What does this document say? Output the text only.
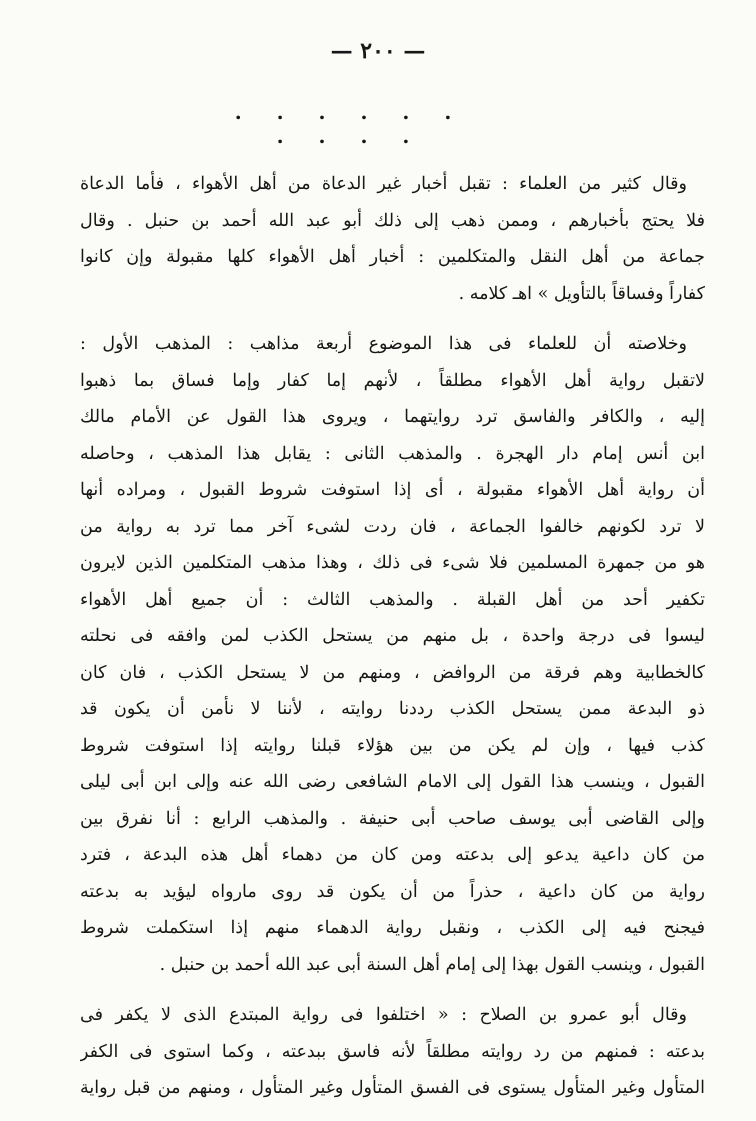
— ٢٠٠ —
. . . . . . . . . .
وقال كثير من العلماء : تقبل أخبار غير الدعاة من أهل الأهواء ، فأما الدعاة
فلا يحتج بأخبارهم ، وممن ذهب إلى ذلك أبو عبد الله أحمد بن حنبل . وقال
جماعة من أهل النقل والمتكلمين : أخبار أهل الأهواء كلها مقبولة وإن كانوا
كفاراً وفساقاً بالتأويل » اهـ كلامه .
وخلاصته أن للعلماء فى هذا الموضوع أربعة مذاهب : المذهب الأول :
لاتقبل رواية أهل الأهواء مطلقاً ، لأنهم إما كفار وإما فساق بما ذهبوا
إليه ، والكافر والفاسق ترد روايتهما ، ويروى هذا القول عن الأمام مالك
ابن أنس إمام دار الهجرة . والمذهب الثانى : يقابل هذا المذهب ، وحاصله
أن رواية أهل الأهواء مقبولة ، أى إذا استوفت شروط القبول ، ومراده أنها
لا ترد لكونهم خالفوا الجماعة ، فان ردت لشىء آخر مما ترد به رواية من
هو من جمهرة المسلمين فلا شىء فى ذلك ، وهذا مذهب المتكلمين الذين لايرون
تكفير أحد من أهل القبلة . والمذهب الثالث : أن جميع أهل الأهواء
ليسوا فى درجة واحدة ، بل منهم من يستحل الكذب لمن وافقه فى نحلته
كالخطابية وهم فرقة من الروافض ، ومنهم من لا يستحل الكذب ، فان كان
ذو البدعة ممن يستحل الكذب رددنا روايته ، لأننا لا نأمن أن يكون قد
كذب فيها ، وإن لم يكن من بين هؤلاء قبلنا روايته إذا استوفت شروط
القبول ، وينسب هذا القول إلى الامام الشافعى رضى الله عنه وإلى ابن أبى ليلى
وإلى القاضى أبى يوسف صاحب أبى حنيفة . والمذهب الرابع : أنا نفرق بين
من كان داعية يدعو إلى بدعته ومن كان من دهماء أهل هذه البدعة ، فترد
رواية من كان داعية ، حذراً من أن يكون قد روى مارواه ليؤيد به بدعته
فيجنح فيه إلى الكذب ، ونقبل رواية الدهماء منهم إذا استكملت شروط
القبول ، وينسب القول بهذا إلى إمام أهل السنة أبى عبد الله أحمد بن حنبل .
وقال أبو عمرو بن الصلاح : « اختلفوا فى رواية المبتدع الذى لا يكفر فى
بدعته : فمنهم من رد روايته مطلقاً لأنه فاسق ببدعته ، وكما استوى فى الكفر
المتأول وغير المتأول يستوى فى الفسق المتأول وغير المتأول ، ومنهم من قبل رواية
